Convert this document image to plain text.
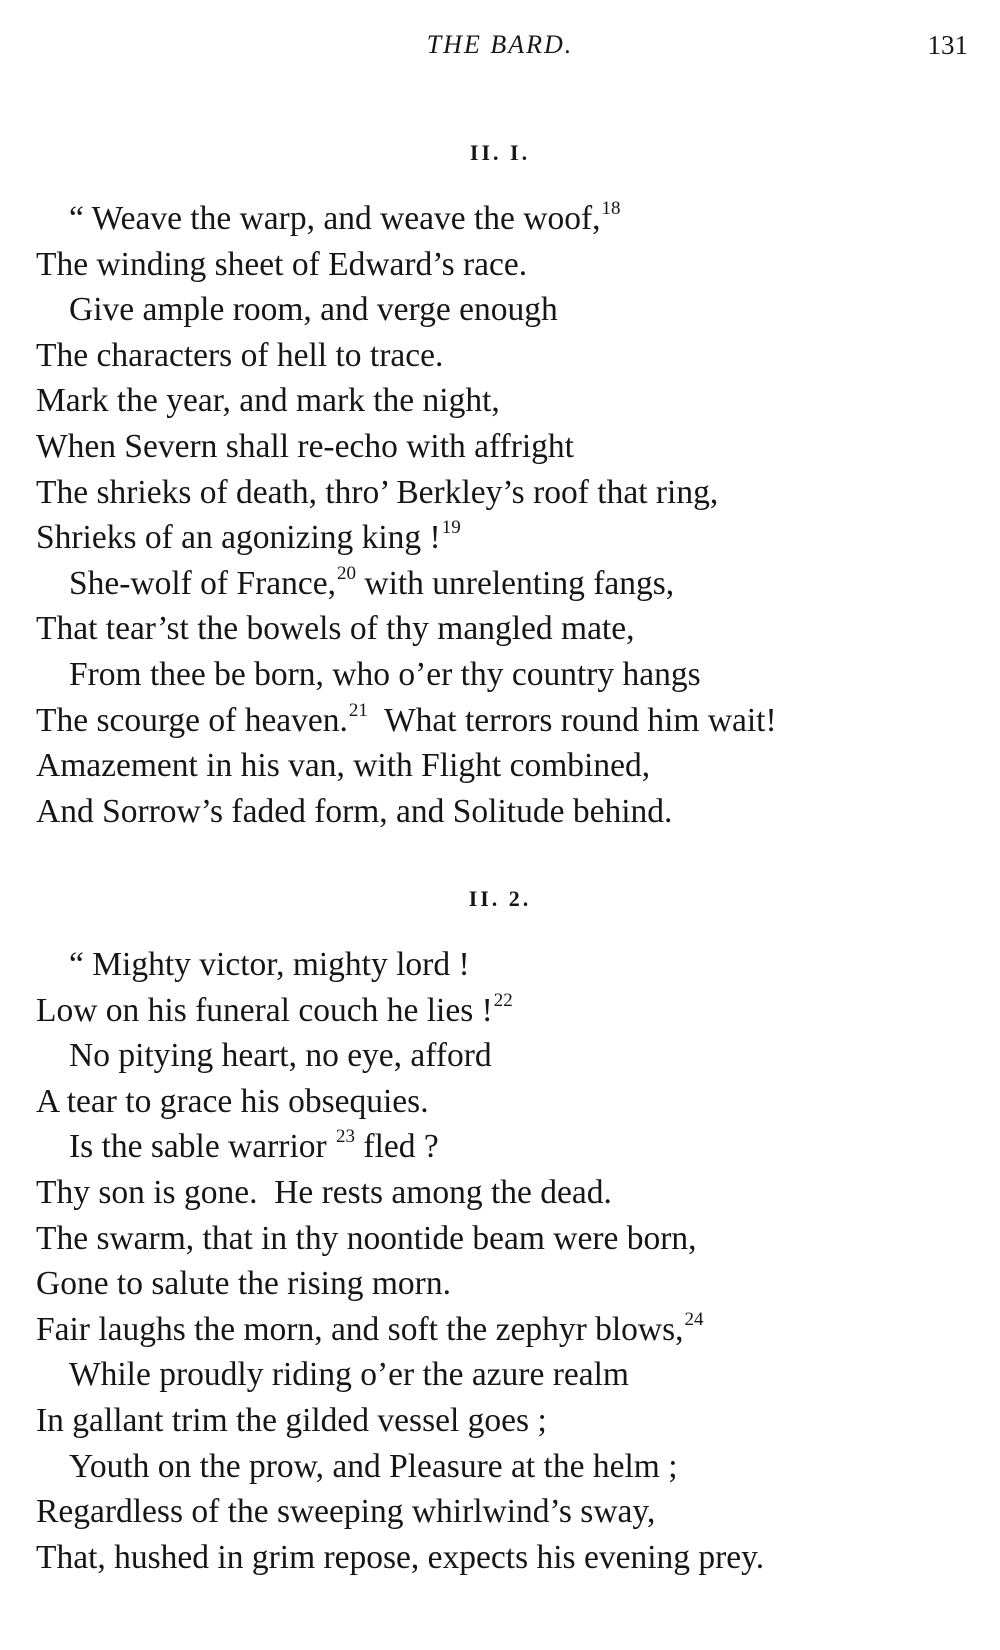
THE BARD.	131
II. I.
“ Weave the warp, and weave the woof,$^{18}$
The winding sheet of Edward’s race.
Give ample room, and verge enough
The characters of hell to trace.
Mark the year, and mark the night,
When Severn shall re-echo with affright
The shrieks of death, thro’ Berkley’s roof that ring,
Shrieks of an agonizing king !$^{19}$
She-wolf of France,$^{20}$ with unrelenting fangs,
That tear’st the bowels of thy mangled mate,
From thee be born, who o’er thy country hangs
The scourge of heaven.$^{21}$  What terrors round him wait!
Amazement in his van, with Flight combined,
And Sorrow’s faded form, and Solitude behind.
II. 2.
“ Mighty victor, mighty lord !
Low on his funeral couch he lies !$^{22}$
No pitying heart, no eye, afford
A tear to grace his obsequies.
Is the sable warrior $^{23}$ fled ?
Thy son is gone.  He rests among the dead.
The swarm, that in thy noontide beam were born,
Gone to salute the rising morn.
Fair laughs the morn, and soft the zephyr blows,$^{24}$
While proudly riding o’er the azure realm
In gallant trim the gilded vessel goes ;
Youth on the prow, and Pleasure at the helm ;
Regardless of the sweeping whirlwind’s sway,
That, hushed in grim repose, expects his evening prey.
